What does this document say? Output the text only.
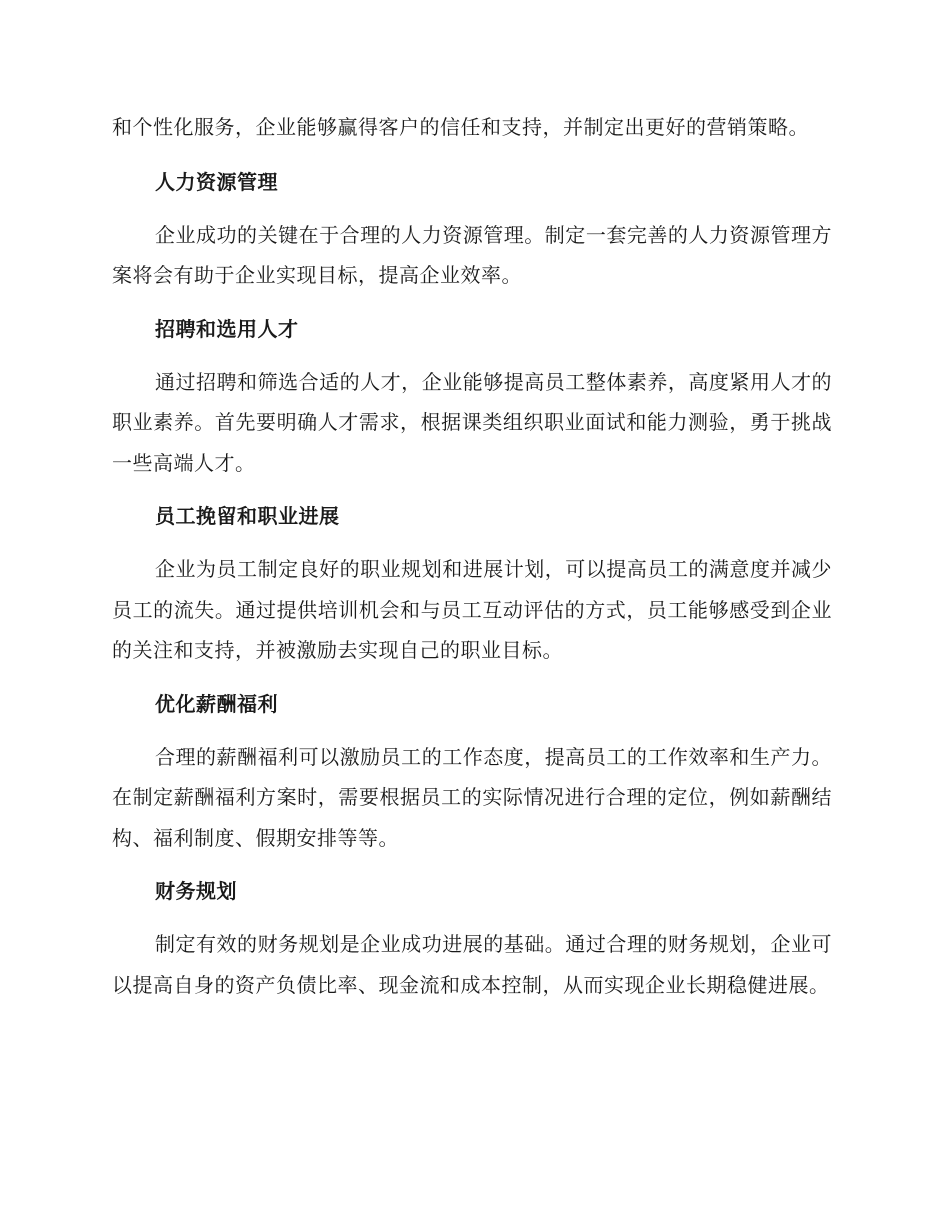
和个性化服务，企业能够赢得客户的信任和支持，并制定出更好的营销策略。

人力资源管理

企业成功的关键在于合理的人力资源管理。制定一套完善的人力资源管理方案将会有助于企业实现目标，提高企业效率。

招聘和选用人才

通过招聘和筛选合适的人才，企业能够提高员工整体素养，高度紧用人才的职业素养。首先要明确人才需求，根据课类组织职业面试和能力测验，勇于挑战一些高端人才。

员工挽留和职业进展

企业为员工制定良好的职业规划和进展计划，可以提高员工的满意度并减少员工的流失。通过提供培训机会和与员工互动评估的方式，员工能够感受到企业的关注和支持，并被激励去实现自己的职业目标。

优化薪酬福利

合理的薪酬福利可以激励员工的工作态度，提高员工的工作效率和生产力。在制定薪酬福利方案时，需要根据员工的实际情况进行合理的定位，例如薪酬结构、福利制度、假期安排等等。

财务规划

制定有效的财务规划是企业成功进展的基础。通过合理的财务规划，企业可以提高自身的资产负债比率、现金流和成本控制，从而实现企业长期稳健进展。
